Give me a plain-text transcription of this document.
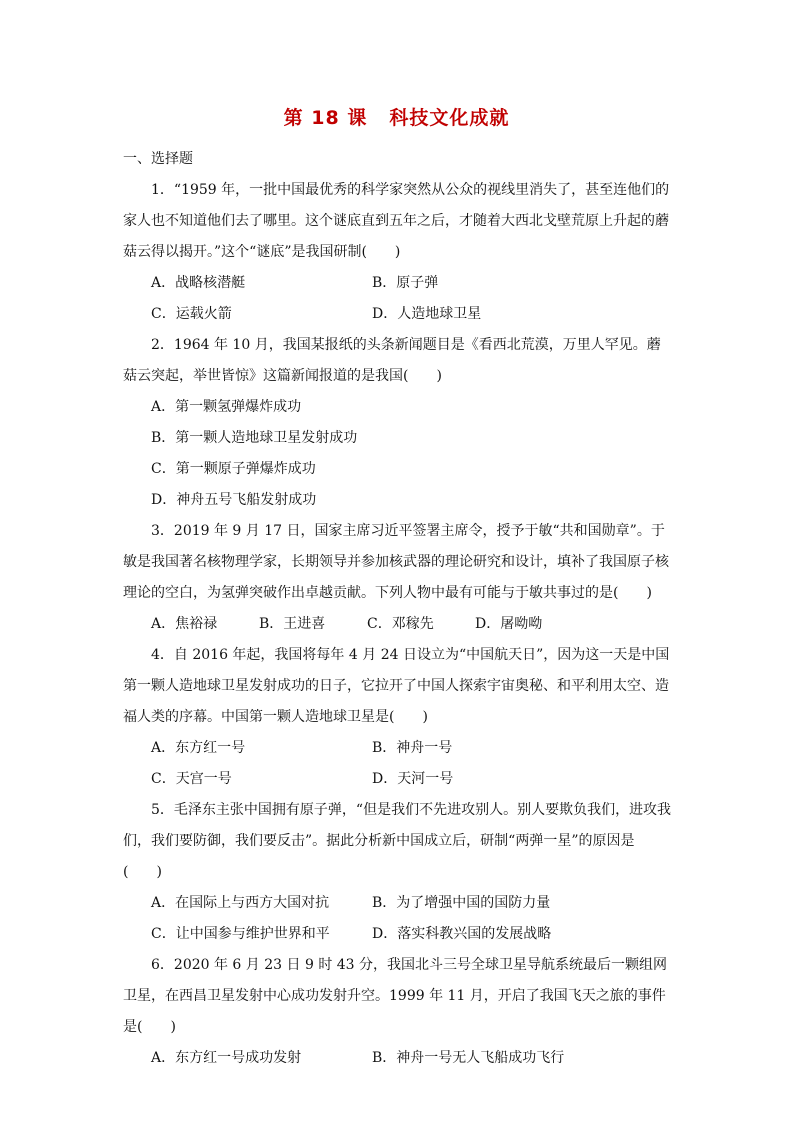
第 18 课 科技文化成就

一、选择题

1．“1959 年，一批中国最优秀的科学家突然从公众的视线里消失了，甚至连他们的家人也不知道他们去了哪里。这个谜底直到五年之后，才随着大西北戈壁荒原上升起的蘑菇云得以揭开。”这个“谜底”是我国研制(　　)

A．战略核潜艇	B．原子弹
C．运载火箭	D．人造地球卫星

2．1964 年 10 月，我国某报纸的头条新闻题目是《看西北荒漠，万里人罕见。蘑菇云突起，举世皆惊》这篇新闻报道的是我国(　　)

A．第一颗氢弹爆炸成功

B．第一颗人造地球卫星发射成功

C．第一颗原子弹爆炸成功

D．神舟五号飞船发射成功

3．2019 年 9 月 17 日，国家主席习近平签署主席令，授予于敏“共和国勋章”。于敏是我国著名核物理学家，长期领导并参加核武器的理论研究和设计，填补了我国原子核理论的空白，为氢弹突破作出卓越贡献。下列人物中最有可能与于敏共事过的是(　　)

A．焦裕禄	B．王进喜	C．邓稼先	D．屠呦呦

4．自 2016 年起，我国将每年 4 月 24 日设立为“中国航天日”，因为这一天是中国第一颗人造地球卫星发射成功的日子，它拉开了中国人探索宇宙奥秘、和平利用太空、造福人类的序幕。中国第一颗人造地球卫星是(　　)

A．东方红一号	B．神舟一号
C．天宫一号	D．天河一号

5．毛泽东主张中国拥有原子弹，“但是我们不先进攻别人。别人要欺负我们，进攻我们，我们要防御，我们要反击”。据此分析新中国成立后，研制“两弹一星”的原因是(　　)

A．在国际上与西方大国对抗	B．为了增强中国的国防力量
C．让中国参与维护世界和平	D．落实科教兴国的发展战略

6．2020 年 6 月 23 日 9 时 43 分，我国北斗三号全球卫星导航系统最后一颗组网卫星，在西昌卫星发射中心成功发射升空。1999 年 11 月，开启了我国飞天之旅的事件是(　　)

A．东方红一号成功发射	B．神舟一号无人飞船成功飞行
